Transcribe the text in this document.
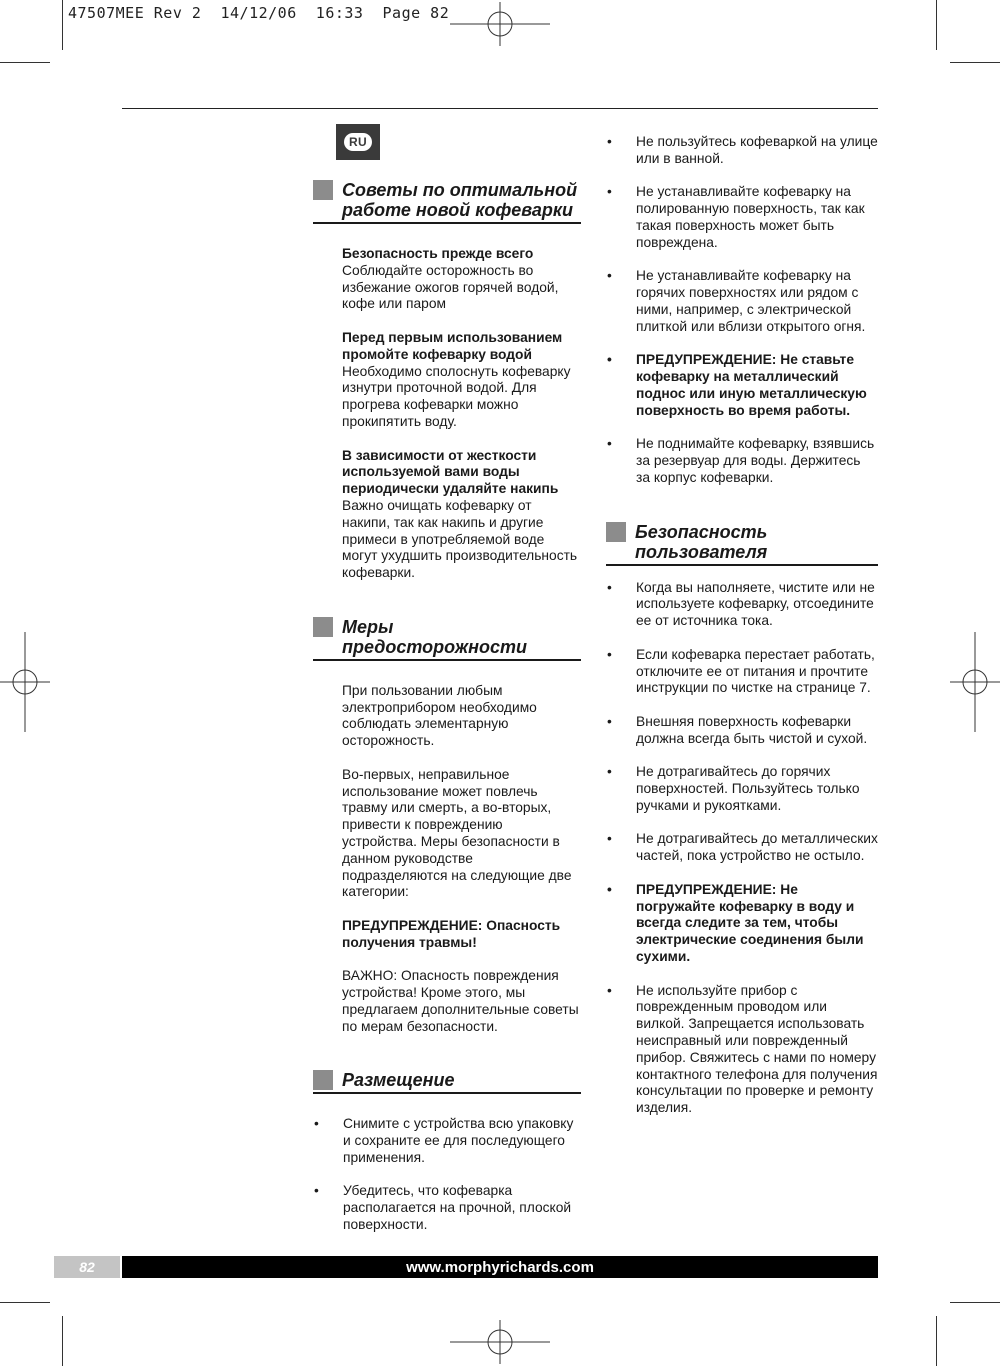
47507MEE Rev 2  14/12/06  16:33  Page 82
RU
Советы по оптимальной работе новой кофеварки
Безопасность прежде всего
Соблюдайте осторожность во избежание ожогов горячей водой, кофе или паром
Перед первым использованием промойте кофеварку водой
Необходимо сполоснуть кофеварку изнутри проточной водой. Для прогрева кофеварки можно прокипятить воду.
В зависимости от жесткости используемой вами воды периодически удаляйте накипь
Важно очищать кофеварку от накипи, так как накипь и другие примеси в употребляемой воде могут ухудшить производительность кофеварки.
Меры предосторожности
При пользовании любым электроприбором необходимо соблюдать элементарную осторожность.
Во-первых, неправильное использование может повлечь травму или смерть, а во-вторых, привести к повреждению устройства. Меры безопасности в данном руководстве подразделяются на следующие две категории:
ПРЕДУПРЕЖДЕНИЕ: Опасность получения травмы!
ВАЖНО: Опасность повреждения устройства! Кроме этого, мы предлагаем дополнительные советы по мерам безопасности.
Размещение
• Снимите с устройства всю упаковку и сохраните ее для последующего применения.
• Убедитесь, что кофеварка располагается на прочной, плоской поверхности.
• Не пользуйтесь кофеваркой на улице или в ванной.
• Не устанавливайте кофеварку на полированную поверхность, так как такая поверхность может быть повреждена.
• Не устанавливайте кофеварку на горячих поверхностях или рядом с ними, например, с электрической плиткой или вблизи открытого огня.
• ПРЕДУПРЕЖДЕНИЕ: Не ставьте кофеварку на металлический поднос или иную металлическую поверхность во время работы.
• Не поднимайте кофеварку, взявшись за резервуар для воды. Держитесь за корпус кофеварки.
Безопасность пользователя
• Когда вы наполняете, чистите или не используете кофеварку, отсоедините ее от источника тока.
• Если кофеварка перестает работать, отключите ее от питания и прочтите инструкции по чистке на странице 7.
• Внешняя поверхность кофеварки должна всегда быть чистой и сухой.
• Не дотрагивайтесь до горячих поверхностей. Пользуйтесь только ручками и рукоятками.
• Не дотрагивайтесь до металлических частей, пока устройство не остыло.
• ПРЕДУПРЕЖДЕНИЕ: Не погружайте кофеварку в воду и всегда следите за тем, чтобы электрические соединения были сухими.
• Не используйте прибор с поврежденным проводом или вилкой. Запрещается использовать неисправный или поврежденный прибор. Свяжитесь с нами по номеру контактного телефона для получения консультации по проверке и ремонту изделия.
82	www.morphyrichards.com
